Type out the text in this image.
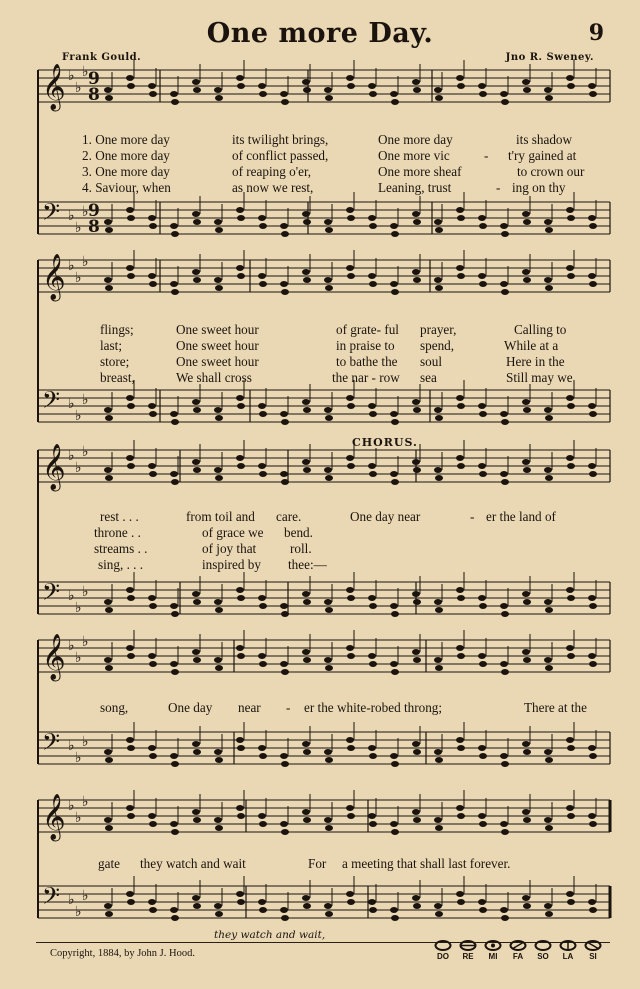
One more Day.	9
Frank Gould.	Jno R. Sweney.
𝄞 ♭
♭
♭
𝄢 ♭
♭
♭
𝄞 ♭
♭
♭
𝄢 ♭
♭
♭
𝄞 ♭
♭
♭
𝄢 ♭
♭
♭
𝄞 ♭
♭
♭
𝄢 ♭
♭
♭
𝄞 ♭
♭
♭
𝄢 ♭
♭
♭
9
8
9
8
1. One more day	its twilight brings,	One more day	its shadow
2. One more day	of conflict passed,	One more vic	- t'ry gained at
3. One more day	of reaping o'er,	One more sheaf	to crown our
4. Saviour, when	as now we rest,	Leaning, trust	- ing on thy
flings;	One sweet hour	of grate- ful prayer,	Calling to
last;	One sweet hour	in praise to spend,	While at a
store;	One sweet hour	to bathe the soul	Here in the
breast,	We shall cross	the nar - row sea	Still may we
CHORUS.
rest . . .	from toil and care.	One day near	- er the land of
throne . .	of grace we bend.
streams . .	of joy that	roll.
sing, . . .	inspired by thee:—
song,	One day near - er the white-robed throng;	There at the
gate they watch and wait	For a meeting that shall last forever.
they watch and wait,
Copyright, 1884, by John J. Hood.	DO	RE	MI	FA	SO	LA	SI
